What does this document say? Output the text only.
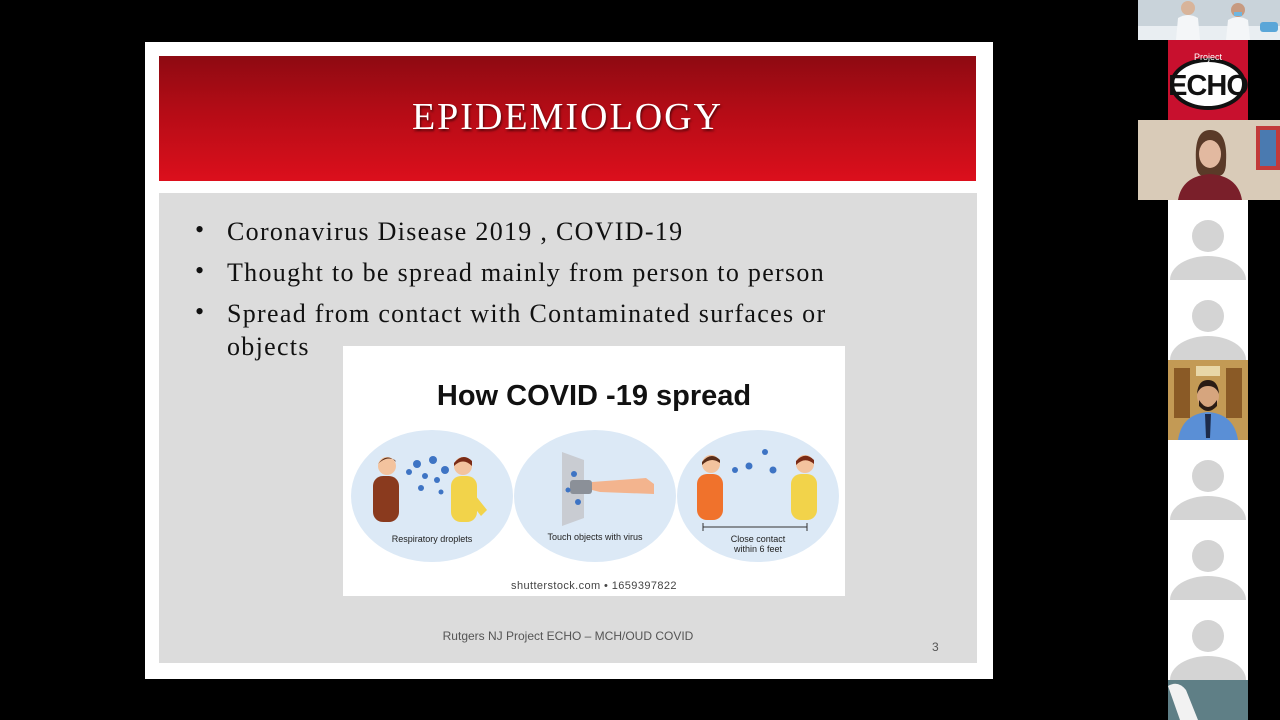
EPIDEMIOLOGY
• Coronavirus Disease 2019 , COVID-19
• Thought to be spread mainly from person to person
• Spread from contact with Contaminated surfaces or objects
How COVID -19 spread
Respiratory droplets	Touch objects with virus	Close contact within 6 feet
shutterstock.com • 1659397822
Rutgers NJ Project ECHO – MCH/OUD COVID
3
Project
ECHO
